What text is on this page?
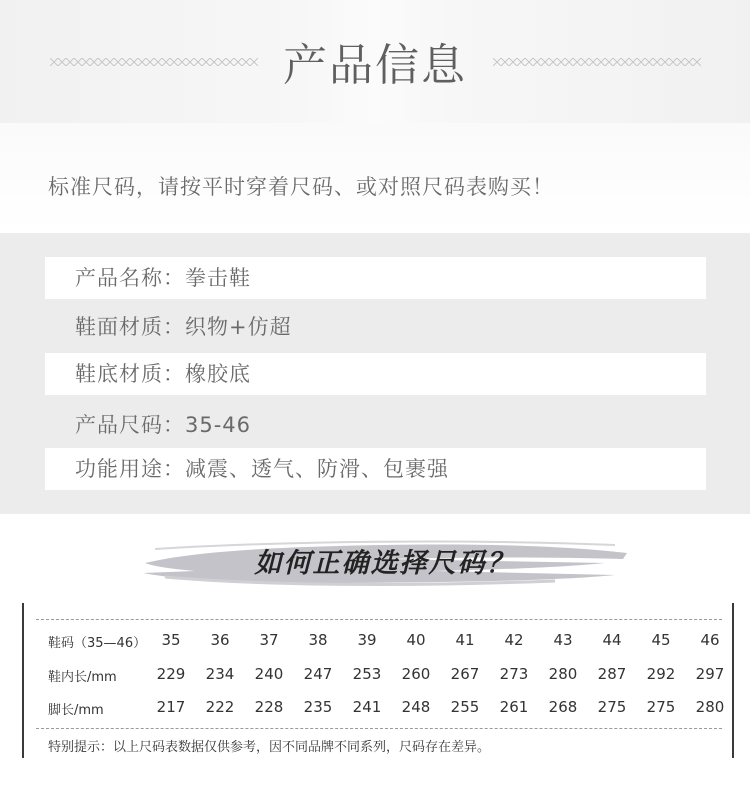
产品信息
标准尺码，请按平时穿着尺码、或对照尺码表购买！
产品名称：拳击鞋
鞋面材质：织物+仿超
鞋底材质：橡胶底
产品尺码：35-46
功能用途：减震、透气、防滑、包裹强
如何正确选择尺码？
鞋码（35—46）	35	36	37	38	39	40	41	42	43	44	45	46
鞋内长/mm	229	234	240	247	253	260	267	273	280	287	292	297
脚长/mm	217	222	228	235	241	248	255	261	268	275	275	280
特别提示：以上尺码表数据仅供参考，因不同品牌不同系列，尺码存在差异。
